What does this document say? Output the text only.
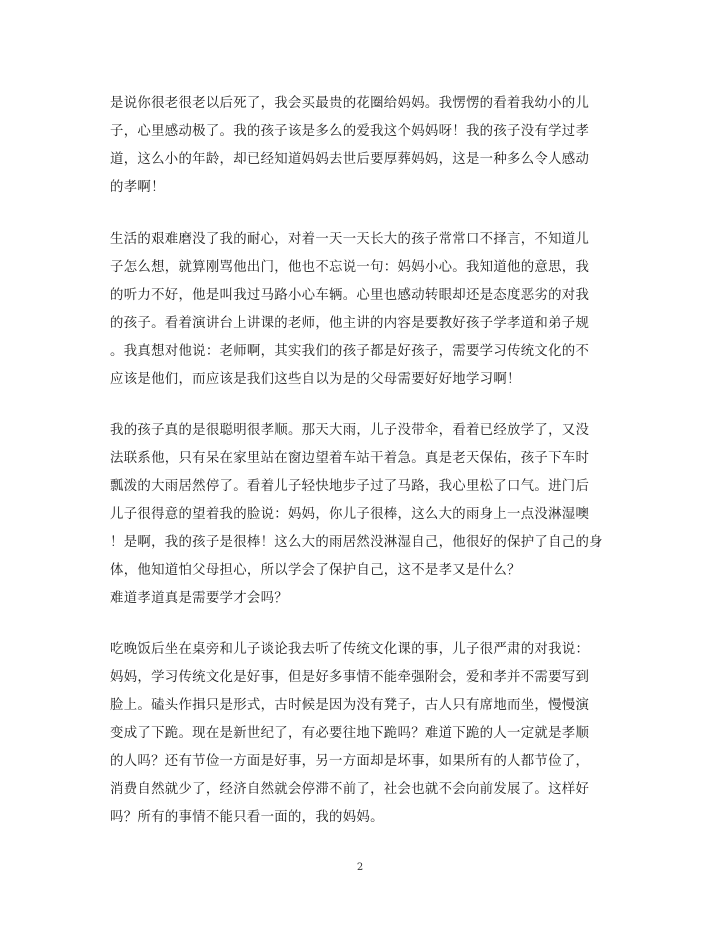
是说你很老很老以后死了，我会买最贵的花圈给妈妈。我愣愣的看着我幼小的儿
子，心里感动极了。我的孩子该是多么的爱我这个妈妈呀！我的孩子没有学过孝
道，这么小的年龄，却已经知道妈妈去世后要厚葬妈妈，这是一种多么令人感动
的孝啊！
生活的艰难磨没了我的耐心，对着一天一天长大的孩子常常口不择言，不知道儿
子怎么想，就算刚骂他出门，他也不忘说一句：妈妈小心。我知道他的意思，我
的听力不好，他是叫我过马路小心车辆。心里也感动转眼却还是态度恶劣的对我
的孩子。看着演讲台上讲课的老师，他主讲的内容是要教好孩子学孝道和弟子规
。我真想对他说：老师啊，其实我们的孩子都是好孩子，需要学习传统文化的不
应该是他们，而应该是我们这些自以为是的父母需要好好地学习啊！
我的孩子真的是很聪明很孝顺。那天大雨，儿子没带伞，看着已经放学了，又没
法联系他，只有呆在家里站在窗边望着车站干着急。真是老天保佑，孩子下车时
瓢泼的大雨居然停了。看着儿子轻快地步子过了马路，我心里松了口气。进门后
儿子很得意的望着我的脸说：妈妈，你儿子很棒，这么大的雨身上一点没淋湿噢
！是啊，我的孩子是很棒！这么大的雨居然没淋湿自己，他很好的保护了自己的身
体，他知道怕父母担心，所以学会了保护自己，这不是孝又是什么？
难道孝道真是需要学才会吗？
吃晚饭后坐在桌旁和儿子谈论我去听了传统文化课的事，儿子很严肃的对我说：
妈妈，学习传统文化是好事，但是好多事情不能牵强附会，爱和孝并不需要写到
脸上。磕头作揖只是形式，古时候是因为没有凳子，古人只有席地而坐，慢慢演
变成了下跪。现在是新世纪了，有必要往地下跪吗？难道下跪的人一定就是孝顺
的人吗？还有节俭一方面是好事，另一方面却是坏事，如果所有的人都节俭了，
消费自然就少了，经济自然就会停滞不前了，社会也就不会向前发展了。这样好
吗？所有的事情不能只看一面的，我的妈妈。
2
